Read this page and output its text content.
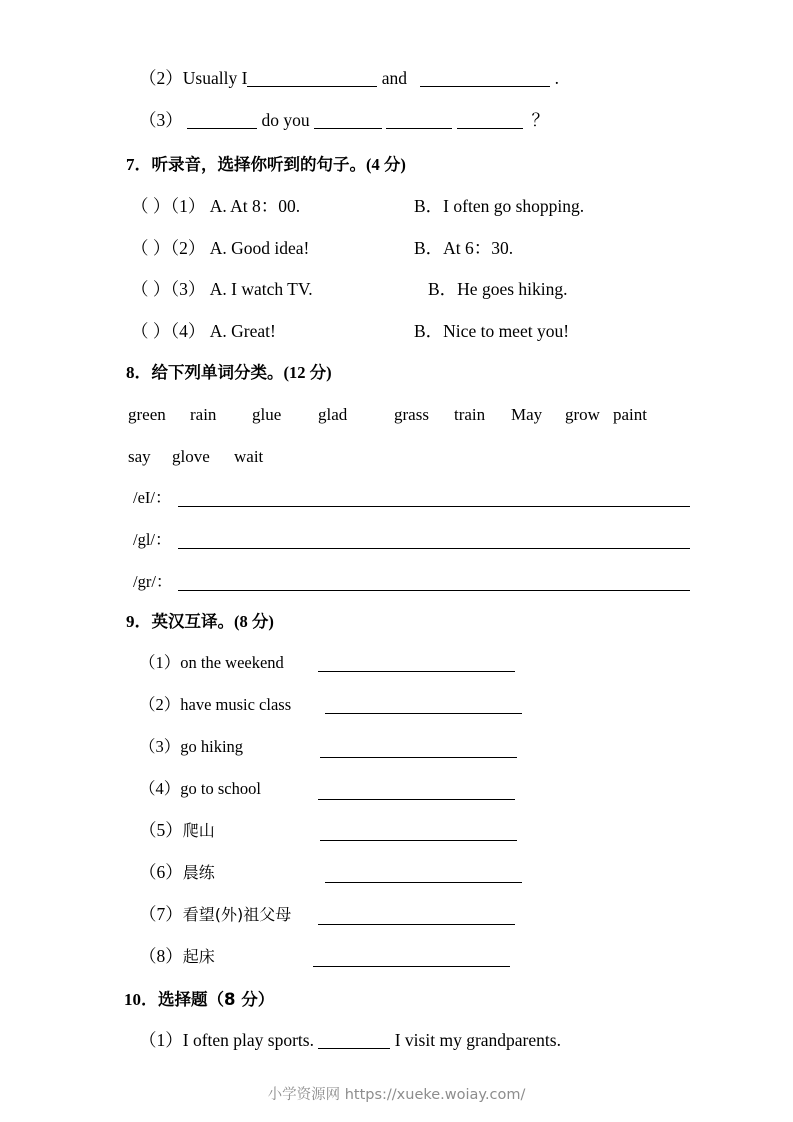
（2）Usually I	and	.
（3）	do you	？
7．听录音，选择你听到的句子。(4 分)
（ ）（1） A. At 8：00.	B．I often go shopping.
（ ）（2） A. Good idea!	B．At 6：30.
（ ）（3） A. I watch TV.	B．He goes hiking.
（ ）（4） A. Great!	B．Nice to meet you!
8．给下列单词分类。(12 分)
green rain glue glad	grass train May grow paint
say glove wait
/eI/：
/gl/：
/gr/：
9．英汉互译。(8 分)
（1）on the weekend
（2）have music class
（3）go hiking
（4）go to school
（5）爬山
（6）晨练
（7）看望(外)祖父母
（8）起床
10．选择题（8 分）
（1）I often play sports.	I visit my grandparents.
小学资源网 https://xueke.woiay.com/
